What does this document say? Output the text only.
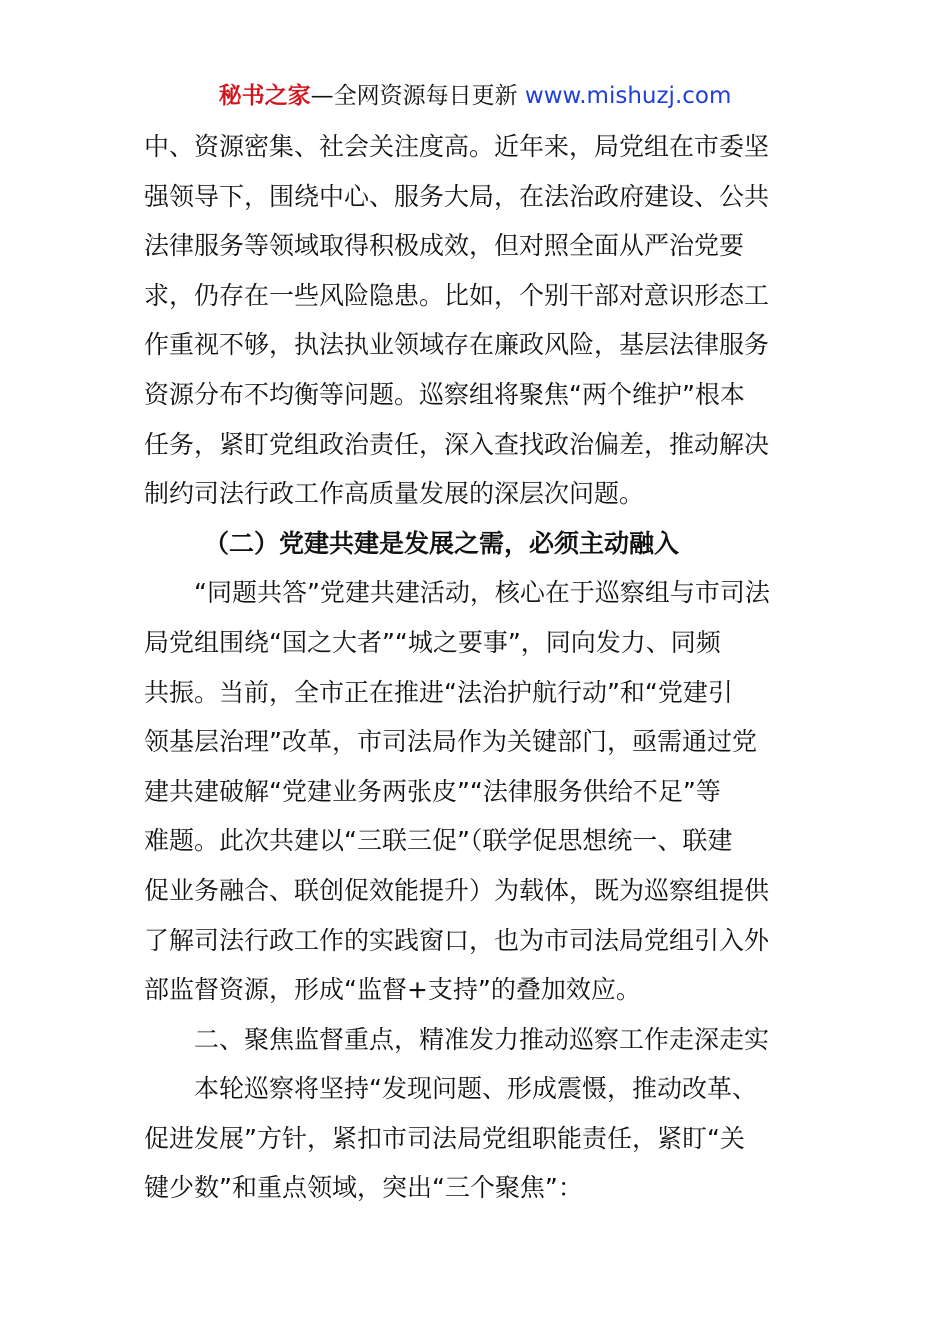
秘书之家—全网资源每日更新 www.mishuzj.com
中、资源密集、社会关注度高。近年来，局党组在市委坚
强领导下，围绕中心、服务大局，在法治政府建设、公共
法律服务等领域取得积极成效，但对照全面从严治党要
求，仍存在一些风险隐患。比如，个别干部对意识形态工
作重视不够，执法执业领域存在廉政风险，基层法律服务
资源分布不均衡等问题。巡察组将聚焦“两个维护”根本
任务，紧盯党组政治责任，深入查找政治偏差，推动解决
制约司法行政工作高质量发展的深层次问题。
（二）党建共建是发展之需，必须主动融入
“同题共答”党建共建活动，核心在于巡察组与市司法
局党组围绕“国之大者”“城之要事”，同向发力、同频
共振。当前，全市正在推进“法治护航行动”和“党建引
领基层治理”改革，市司法局作为关键部门，亟需通过党
建共建破解“党建业务两张皮”“法律服务供给不足”等
难题。此次共建以“三联三促”（联学促思想统一、联建
促业务融合、联创促效能提升）为载体，既为巡察组提供
了解司法行政工作的实践窗口，也为市司法局党组引入外
部监督资源，形成“监督+支持”的叠加效应。
二、聚焦监督重点，精准发力推动巡察工作走深走实
本轮巡察将坚持“发现问题、形成震慑，推动改革、
促进发展”方针，紧扣市司法局党组职能责任，紧盯“关
键少数”和重点领域，突出“三个聚焦”：
